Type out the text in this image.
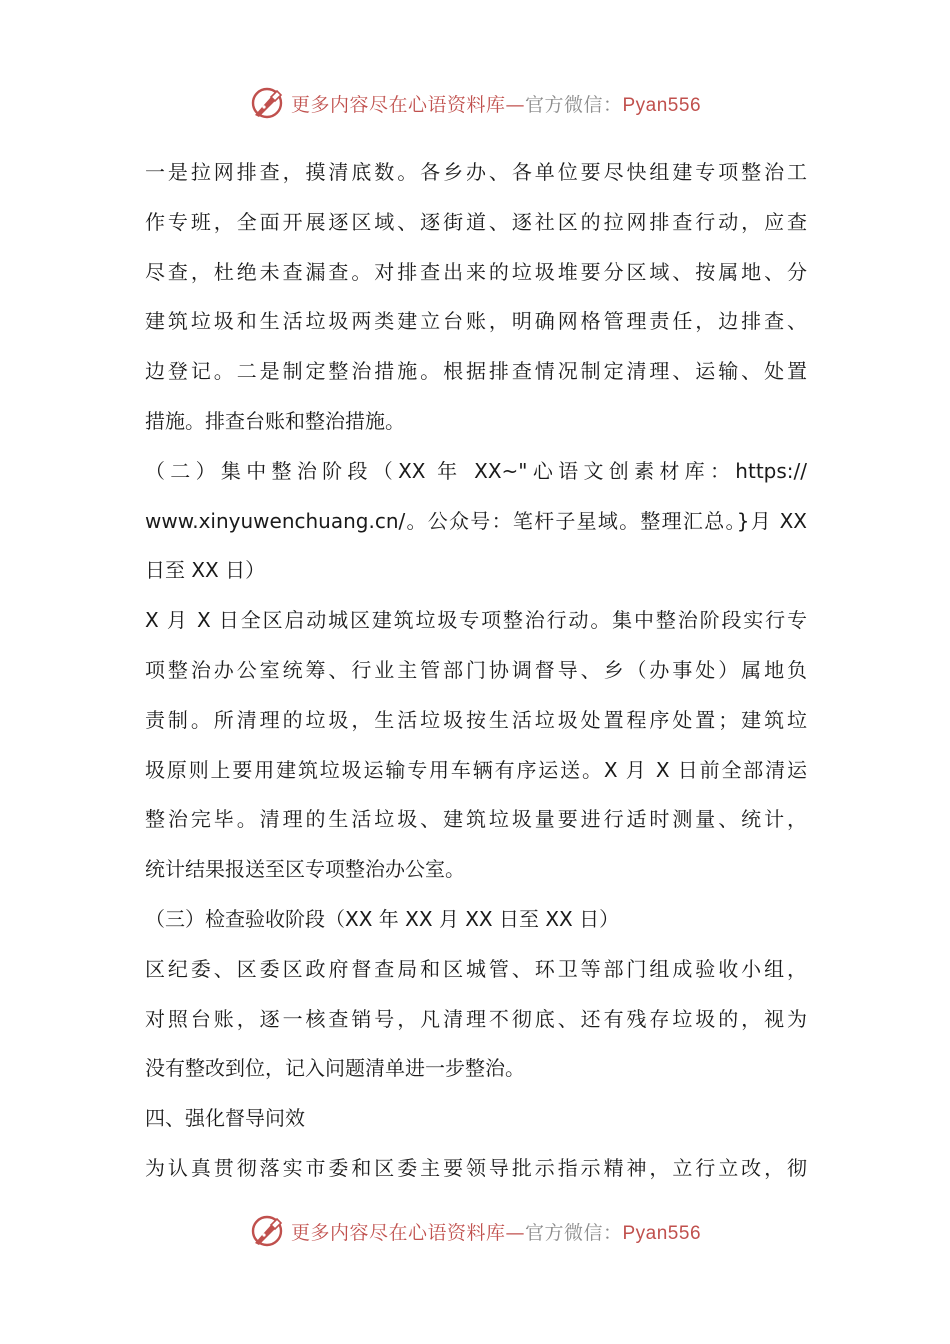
更多内容尽在心语资料库—官方微信：Pyan556
一是拉网排查，摸清底数。各乡办、各单位要尽快组建专项整治工
作专班，全面开展逐区域、逐街道、逐社区的拉网排查行动，应查
尽查，杜绝未查漏查。对排查出来的垃圾堆要分区域、按属地、分
建筑垃圾和生活垃圾两类建立台账，明确网格管理责任，边排查、
边登记。二是制定整治措施。根据排查情况制定清理、运输、处置
措施。排查台账和整治措施。
（二）集中整治阶段（XX 年 XX~"心语文创素材库：https://
www.xinyuwenchuang.cn/。公众号：笔杆子星域。整理汇总。}月 XX
日至 XX 日）
X 月 X 日全区启动城区建筑垃圾专项整治行动。集中整治阶段实行专
项整治办公室统筹、行业主管部门协调督导、乡（办事处）属地负
责制。所清理的垃圾，生活垃圾按生活垃圾处置程序处置；建筑垃
圾原则上要用建筑垃圾运输专用车辆有序运送。X 月 X 日前全部清运
整治完毕。清理的生活垃圾、建筑垃圾量要进行适时测量、统计，
统计结果报送至区专项整治办公室。
（三）检查验收阶段（XX 年 XX 月 XX 日至 XX 日）
区纪委、区委区政府督查局和区城管、环卫等部门组成验收小组，
对照台账，逐一核查销号，凡清理不彻底、还有残存垃圾的，视为
没有整改到位，记入问题清单进一步整治。
四、强化督导问效
为认真贯彻落实市委和区委主要领导批示指示精神，立行立改，彻
更多内容尽在心语资料库—官方微信：Pyan556
